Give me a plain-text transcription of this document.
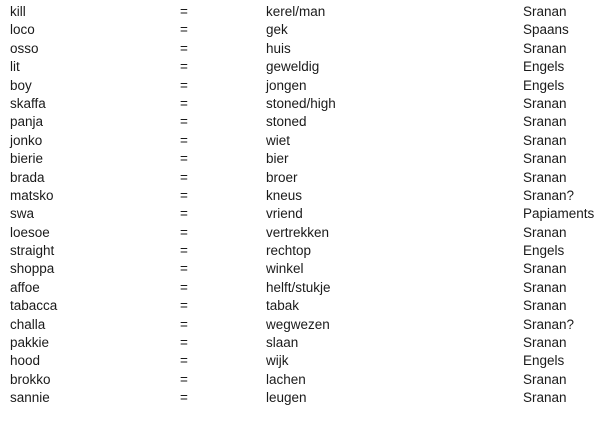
kill	=	kerel/man	Sranan
loco	=	gek	Spaans
osso	=	huis	Sranan
lit	=	geweldig	Engels
boy	=	jongen	Engels
skaffa	=	stoned/high	Sranan
panja	=	stoned	Sranan
jonko	=	wiet	Sranan
bierie	=	bier	Sranan
brada	=	broer	Sranan
matsko	=	kneus	Sranan?
swa	=	vriend	Papiaments
loesoe	=	vertrekken	Sranan
straight	=	rechtop	Engels
shoppa	=	winkel	Sranan
affoe	=	helft/stukje	Sranan
tabacca	=	tabak	Sranan
challa	=	wegwezen	Sranan?
pakkie	=	slaan	Sranan
hood	=	wijk	Engels
brokko	=	lachen	Sranan
sannie	=	leugen	Sranan
